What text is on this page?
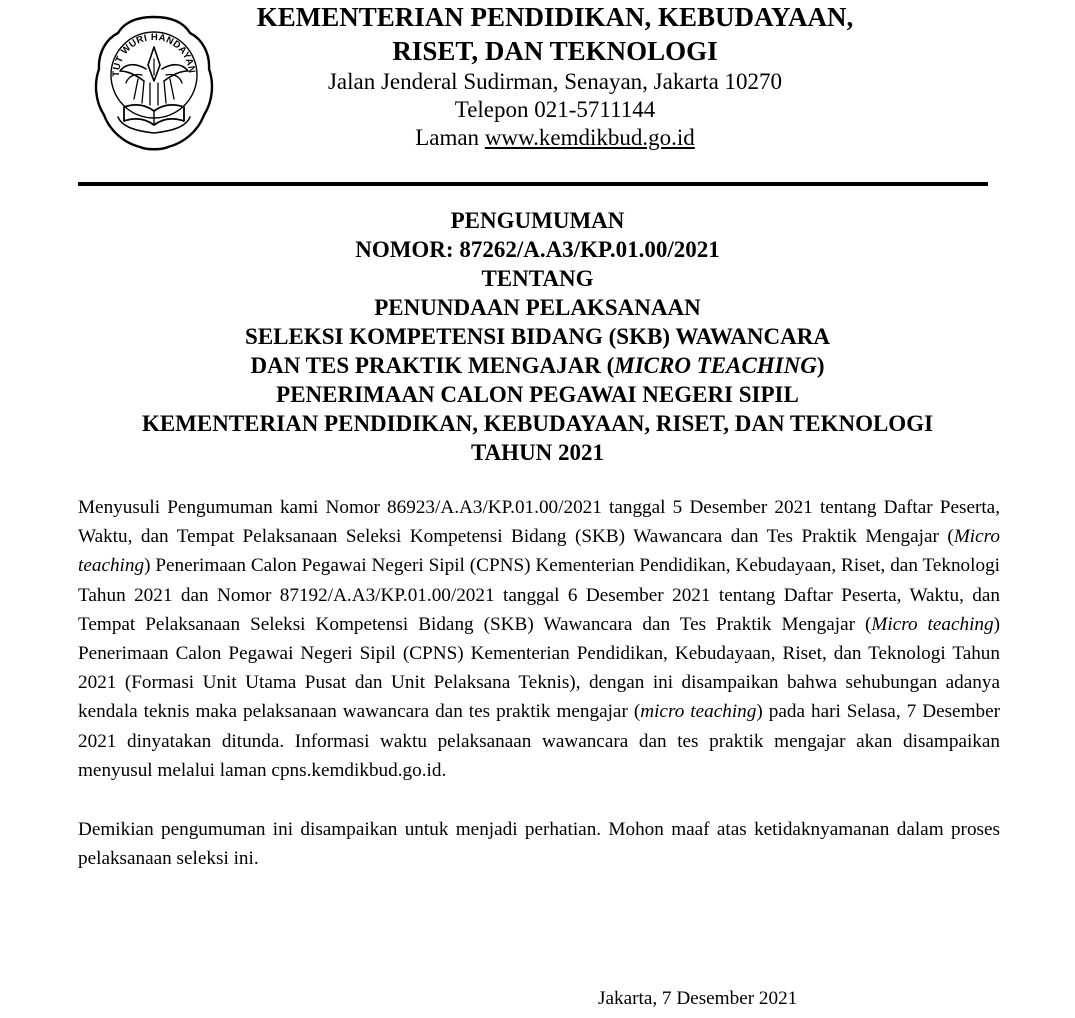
TUT WURI HANDAYAN

KEMENTERIAN PENDIDIKAN, KEBUDAYAAN,

RISET, DAN TEKNOLOGI

Jalan Jenderal Sudirman, Senayan, Jakarta 10270

Telepon 021-5711144

Laman www.kemdikbud.go.id

PENGUMUMAN
NOMOR: 87262/A.A3/KP.01.00/2021
TENTANG
PENUNDAAN PELAKSANAAN
SELEKSI KOMPETENSI BIDANG (SKB) WAWANCARA
DAN TES PRAKTIK MENGAJAR (MICRO TEACHING)
PENERIMAAN CALON PEGAWAI NEGERI SIPIL
KEMENTERIAN PENDIDIKAN, KEBUDAYAAN, RISET, DAN TEKNOLOGI
TAHUN 2021

Menyusuli Pengumuman kami Nomor 86923/A.A3/KP.01.00/2021 tanggal 5 Desember 2021 tentang Daftar Peserta, Waktu, dan Tempat Pelaksanaan Seleksi Kompetensi Bidang (SKB) Wawancara dan Tes Praktik Mengajar (Micro teaching) Penerimaan Calon Pegawai Negeri Sipil (CPNS) Kementerian Pendidikan, Kebudayaan, Riset, dan Teknologi Tahun 2021 dan Nomor 87192/A.A3/KP.01.00/2021 tanggal 6 Desember 2021 tentang Daftar Peserta, Waktu, dan Tempat Pelaksanaan Seleksi Kompetensi Bidang (SKB) Wawancara dan Tes Praktik Mengajar (Micro teaching) Penerimaan Calon Pegawai Negeri Sipil (CPNS) Kementerian Pendidikan, Kebudayaan, Riset, dan Teknologi Tahun 2021 (Formasi Unit Utama Pusat dan Unit Pelaksana Teknis), dengan ini disampaikan bahwa sehubungan adanya kendala teknis maka pelaksanaan wawancara dan tes praktik mengajar (micro teaching) pada hari Selasa, 7 Desember 2021 dinyatakan ditunda. Informasi waktu pelaksanaan wawancara dan tes praktik mengajar akan disampaikan menyusul melalui laman cpns.kemdikbud.go.id.

Demikian pengumuman ini disampaikan untuk menjadi perhatian. Mohon maaf atas ketidaknyamanan dalam proses pelaksanaan seleksi ini.

Jakarta, 7 Desember 2021
